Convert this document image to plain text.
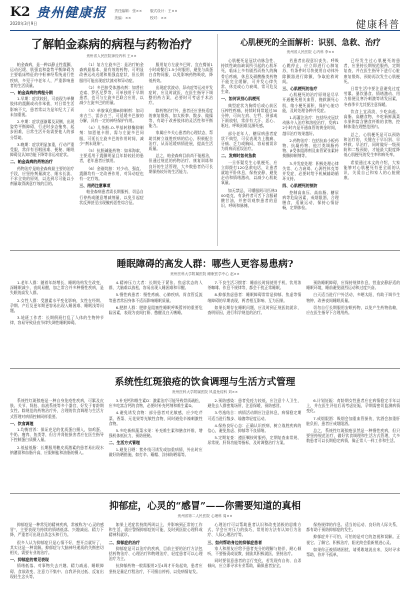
K2
2020年3月9日
贵州健康报 责任编辑：张×× 版式设计：王××
美编：××	校对：××
健康科普
了解帕金森病的病程与药物治疗
贵州省人民医院神经内科 王××

帕金森病，是一种以静止性震颤、运动迟缓、肌强直和姿势平衡障碍为主要临床特征的中枢神经系统退行性疾病，多见于中老年人，严重影响患者的生活质量。

一、帕金森病的病程分期

1.早期：症状较轻，可表现为单侧肢体的震颤或动作笨拙，对日常生活影响不大，患者常以为是年纪大了而未加重视。

2.中期：症状逐渐累及双侧，出现姿势平衡障碍，行走时步态拖曳、起步困难，日常生活开始需要他人的部分帮助。

3.晚期：症状明显加重，行动严重受限，常伴有吞咽困难、便秘、睡眠障碍及认知功能下降等非运动症状。

二、帕金森病的药物治疗

药物治疗是帕金森病最主要的治疗手段，应坚持剂量滴定、细水长流、不求全效的原则，以达到尽可能以小剂量取得满意疗效的目的。

（1）复方左旋多巴：是治疗帕金森病最基本、最有效的药物，可明显改善运动迟缓和肌强直症状，但长期服用可能出现症状波动和异动症。

（2）多巴胺受体激动剂：如普拉克索、罗匹尼罗等，可单独用于早期患者，也可与左旋多巴联合应用，以减少左旋多巴的用量。

（3）单胺氧化酶B抑制剂：如司来吉兰、雷沙吉兰，可延缓多巴胺的分解，具有一定的神经保护作用。

（4）儿茶酚-O-甲基转移酶抑制剂：如恩他卡朋，需与左旋多巴同服，可延长左旋多巴的作用时间，减少“剂末现象”。

（5）抗胆碱能药物：如苯海索，主要适用于震颤明显且年龄较轻的患者，老年患者应慎用。

（6）金刚烷胺：对少动、强直、震颤均有一定改善作用，对异动症也有一定疗效。

三、用药注意事项

帕金森病患者需长期服药，切忌自行停药或随意增减剂量，以免引起症状反弹甚至出现撤药恶性综合征。

服用复方左旋多巴时，宜在餐前1小时或餐后1.5小时服用，避免与高蛋白食物同服，以免影响药物吸收，降低药效。

出现症状波动、异动症等运动并发症时，应及时就医，在医生指导下调整用药方案，必要时可考虑手术治疗。

除药物治疗外，患者还应坚持适度的康复锻炼，如太极拳、散步、做操等，有助于改善肢体的灵活性和平衡能力。

家属应多关心患者的心理状态，帮助其树立战胜疾病的信心，积极配合治疗，从而延缓病情进展，提高生活质量。

总之，帕金森病目前尚不能根治，但通过规范的药物治疗、康复训练和良好的生活管理，大多数患者仍可长期保持较好的生活能力。

心肌梗死的全面解析：识别、急救、治疗
贵州省人民医院 心内科 李××

心肌梗死是冠状动脉急性、持续性缺血缺氧所引起的心肌坏死，临床上多有剧烈而持久的胸骨后疼痛，休息及硝酸酯类药物不能完全缓解，可并发心律失常、休克或心力衰竭，常可危及生命。

一、如何识别心肌梗死

典型症状为胸骨后或心前区压榨性疼痛，持续时间常超过30分钟，可向左肩、左臂、颈部或下颌放射，常伴有大汗、恶心、呕吐、呼吸困难及濒死感。

部分老年人、糖尿病患者症状不典型，可仅表现为上腹痛、牙痛、乏力或胸闷，容易被误诊为胃病而延误治疗。

二、发病时如何急救

一旦怀疑发生心肌梗死，应立即拨打120急救电话，让患者就地平卧休息，保持安静，避免走动和情绪激动，以减少心肌耗氧量。

如无禁忌，可嚼服阿司匹林300毫克，有条件者可舌下含服硝酸甘油，并密切观察患者的意识、呼吸和脉搏。

若患者出现意识丧失、呼吸心跳停止，应立即进行心肺复苏，有条件时尽快使用自动体外除颤器进行除颤，争取抢救时间。

三、心肌梗死的治疗

心肌梗死的治疗原则是尽早开通梗死相关血管，挽救濒死心肌，缩小梗死面积，保护心脏功能，及时处理各种并发症。

1.再灌注治疗：包括经皮冠状动脉介入治疗和溶栓治疗，发病12小时内是开通血管的黄金时间，越早治疗效果越好。

2.药物治疗：包括抗血小板药物、抗凝药物、他汀类调脂药物、β受体阻滞剂及血管紧张素转换酶抑制剂等。

3.并发症处理：积极处理心律失常、心力衰竭、心源性休克等并发症，必要时给予机械辅助循环支持。

四、心肌梗死的预防

控制高血压、高血脂、糖尿病等危险因素，戒烟限酒，合理膳食，适量运动，保持心情舒畅，定期体检。

已经发生过心肌梗死的患者，应坚持长期规范服药，定期复查，并在医生指导下进行心脏康复锻炼，预防再次发生心肌梗死。

日常生活中要注意避免过度劳累、暴饮暴食、情绪激动、用力排便及寒冷刺激等诱发因素，冬春季节尤其要注意保暖。

饮食上宜清淡，少吃高盐、高脂、高糖食物，多吃新鲜蔬菜水果和富含膳食纤维的食物，控制体重在理想范围内。

总之，心肌梗死是可以预防和治疗的，关键在于早识别、早呼救、早治疗，同时做好一级预防和二级预防，才能最大限度降低心肌梗死的发生率和病死率。

希望通过本文的介绍，大家能够对心肌梗死有更全面的认识，关爱自己和家人的心脏健康。

睡眠障碍的高发人群：哪些人更容易患病?
贵州医科大学附属医院 睡眠医学中心 赵××

1.老年人群：随着年龄增长，睡眠结构发生改变，深睡眠减少，夜间易醒，加之常合并多种慢性疾病，是失眠的高发人群。

2.女性人群：受激素水平变化影响，女性在经期、孕期、产后及更年期更容易出现入睡困难、睡眠浅等问题。

3.轮班工作者：长期倒班打乱了人体的生物钟节律，容易导致昼夜节律失调性睡眠障碍。

4.精神压力大者：长期处于紧张、焦虑状态的人群，大脑难以放松，容易出现入睡困难和早醒。

5.慢性病患者：慢性疼痛、心肺疾病、胃食管反流等患者常因身体不适而影响睡眠质量。

6.肥胖人群：肥胖是阻塞性睡眠呼吸暂停的重要危险因素，表现为夜间打鼾、憋醒及白天嗜睡。

7.不良生活习惯者：睡前长时间使用手机、饮用浓茶咖啡、作息不规律等，都会干扰正常睡眠。

8.抑郁焦虑患者：睡眠障碍常常是抑郁、焦虑等情绪障碍的早期表现，两者相互影响、互为因果。

如果长期存在睡眠问题，应及时到正规医院就诊，查明原因，进行科学规范的治疗。

预防睡眠障碍，应保持规律作息，营造安静舒适的睡眠环境，睡前避免剧烈运动和过度兴奋。

白天适当进行户外活动，多晒太阳，有助于调节生物钟，改善夜间睡眠质量。

切勿自行长期服用安眠药物，以免产生药物依赖，应在医生指导下合理用药。

系统性红斑狼疮的饮食调理与生活方式管理
贵州医科大学附属医院 风湿免疫科 刘××

系统性红斑狼疮是一种自身免疫性疾病，可累及皮肤、关节、肾脏、血液系统等多个器官，好发于育龄期女性。除规范的药物治疗外，合理的饮食调理与生活方式管理对病情控制同样重要。

一、饮食调理

1.均衡营养：保证充足的优质蛋白摄入，如鸡蛋、牛奶、瘦肉、鱼类等，但合并肾脏损害者应在医生指导下控制蛋白质摄入量。

2.低盐低脂：长期服用糖皮质激素的患者易出现水钠潴留和血脂升高，应限制盐和油脂的摄入。

3.补充钙和维生素D：激素治疗可能导致骨质疏松，应多吃富含钙的食物，必要时补充钙剂和维生素D。

4.避免诱发食物：部分患者对光敏感，应少吃芹菜、香菜、无花果等光敏性食物，同时避免辛辣刺激性食物。

5.多吃新鲜蔬菜水果：补充维生素和膳食纤维，增强机体抵抗力，预防便秘。

二、生活方式管理

1.避免日晒：紫外线可诱发或加重病情，外出时应做好防晒措施，如打伞、戴帽、涂抹防晒霜等。

2.预防感染：患者免疫力较低，应注意个人卫生，避免去人群密集场所，注意保暖，预防感冒。

3.劳逸结合：病情活动期应注意休息，病情稳定期可适当进行散步、瑜伽等轻度运动。

4.保持良好心态：正确认识疾病，树立战胜疾病的信心，避免焦虑、抑郁等不良情绪。

5.定期复查：遵医嘱按时服药，定期复查血常规、尿常规、肝肾功能等指标，及时调整治疗方案。

6.计划妊娠：育龄期女性患者应在病情稳定半年以上，并在医生评估后再考虑妊娠，孕期需密切监测病情变化。

7.戒烟限酒：吸烟会加重血管损伤，饮酒会加重肝脏负担，患者应戒烟限酒。

总之，系统性红斑狼疮虽然是一种慢性疾病，但只要坚持规范治疗，做好饮食调理和生活方式管理，大多数患者可以长期稳定病情，像正常人一样工作和生活。

抑郁症，心灵的“感冒”——你需要知道的真相
贵州省第二人民医院 心理科 周××

抑郁症是一种常见的精神疾病，常被称为“心灵的感冒”，主要表现为持续的情绪低落、兴趣减退、精力下降，严重者可出现自杀念头和行为。

很多人认为抑郁症只是心情不好，想开点就好了，其实这是一种误解。抑郁症与大脑神经递质的失衡密切相关，需要专业的治疗。

一、抑郁症的常见表现

情绪低落、对事物失去兴趣、精力减退、睡眠障碍、食欲改变、注意力不集中、自我评价过低、反复出现轻生念头等。

如果上述症状持续两周以上，并影响到正常的工作和生活，就应警惕抑郁症的可能，及时到医院心理科或精神科就诊。

二、抑郁症的治疗

抑郁症是可以治疗的疾病，目前主要的治疗方法包括药物治疗、心理治疗和物理治疗，轻度患者可以心理治疗为主。

抗抑郁药物一般需服用2至4周才开始起效，患者应坚持足量足疗程治疗，不可擅自停药，以免病情复发。

心理治疗可以帮助患者认识和改变消极的思维方式，学会应对压力的技巧，常用的方法有认知行为治疗、人际心理治疗等。

三、如何帮助身边的抑郁症患者

家人和朋友应给予患者充分的理解与陪伴，耐心倾听，不要指责或说教，鼓励其积极就医，坚持治疗。

同时要留意患者的言行变化，若发现有自伤、自杀倾向，应立即寻求专业帮助，确保患者安全。

保持规律的作息、适当的运动、良好的人际关系，都有助于预防抑郁症的发生。

抑郁症并不可怕，可怕的是对它的忽视和误解。正视它、了解它、积极治疗，阳光终会重新照进心灵。

如果你正被情绪困扰，请勇敢地说出来，及时寻求帮助，你并不孤单。
